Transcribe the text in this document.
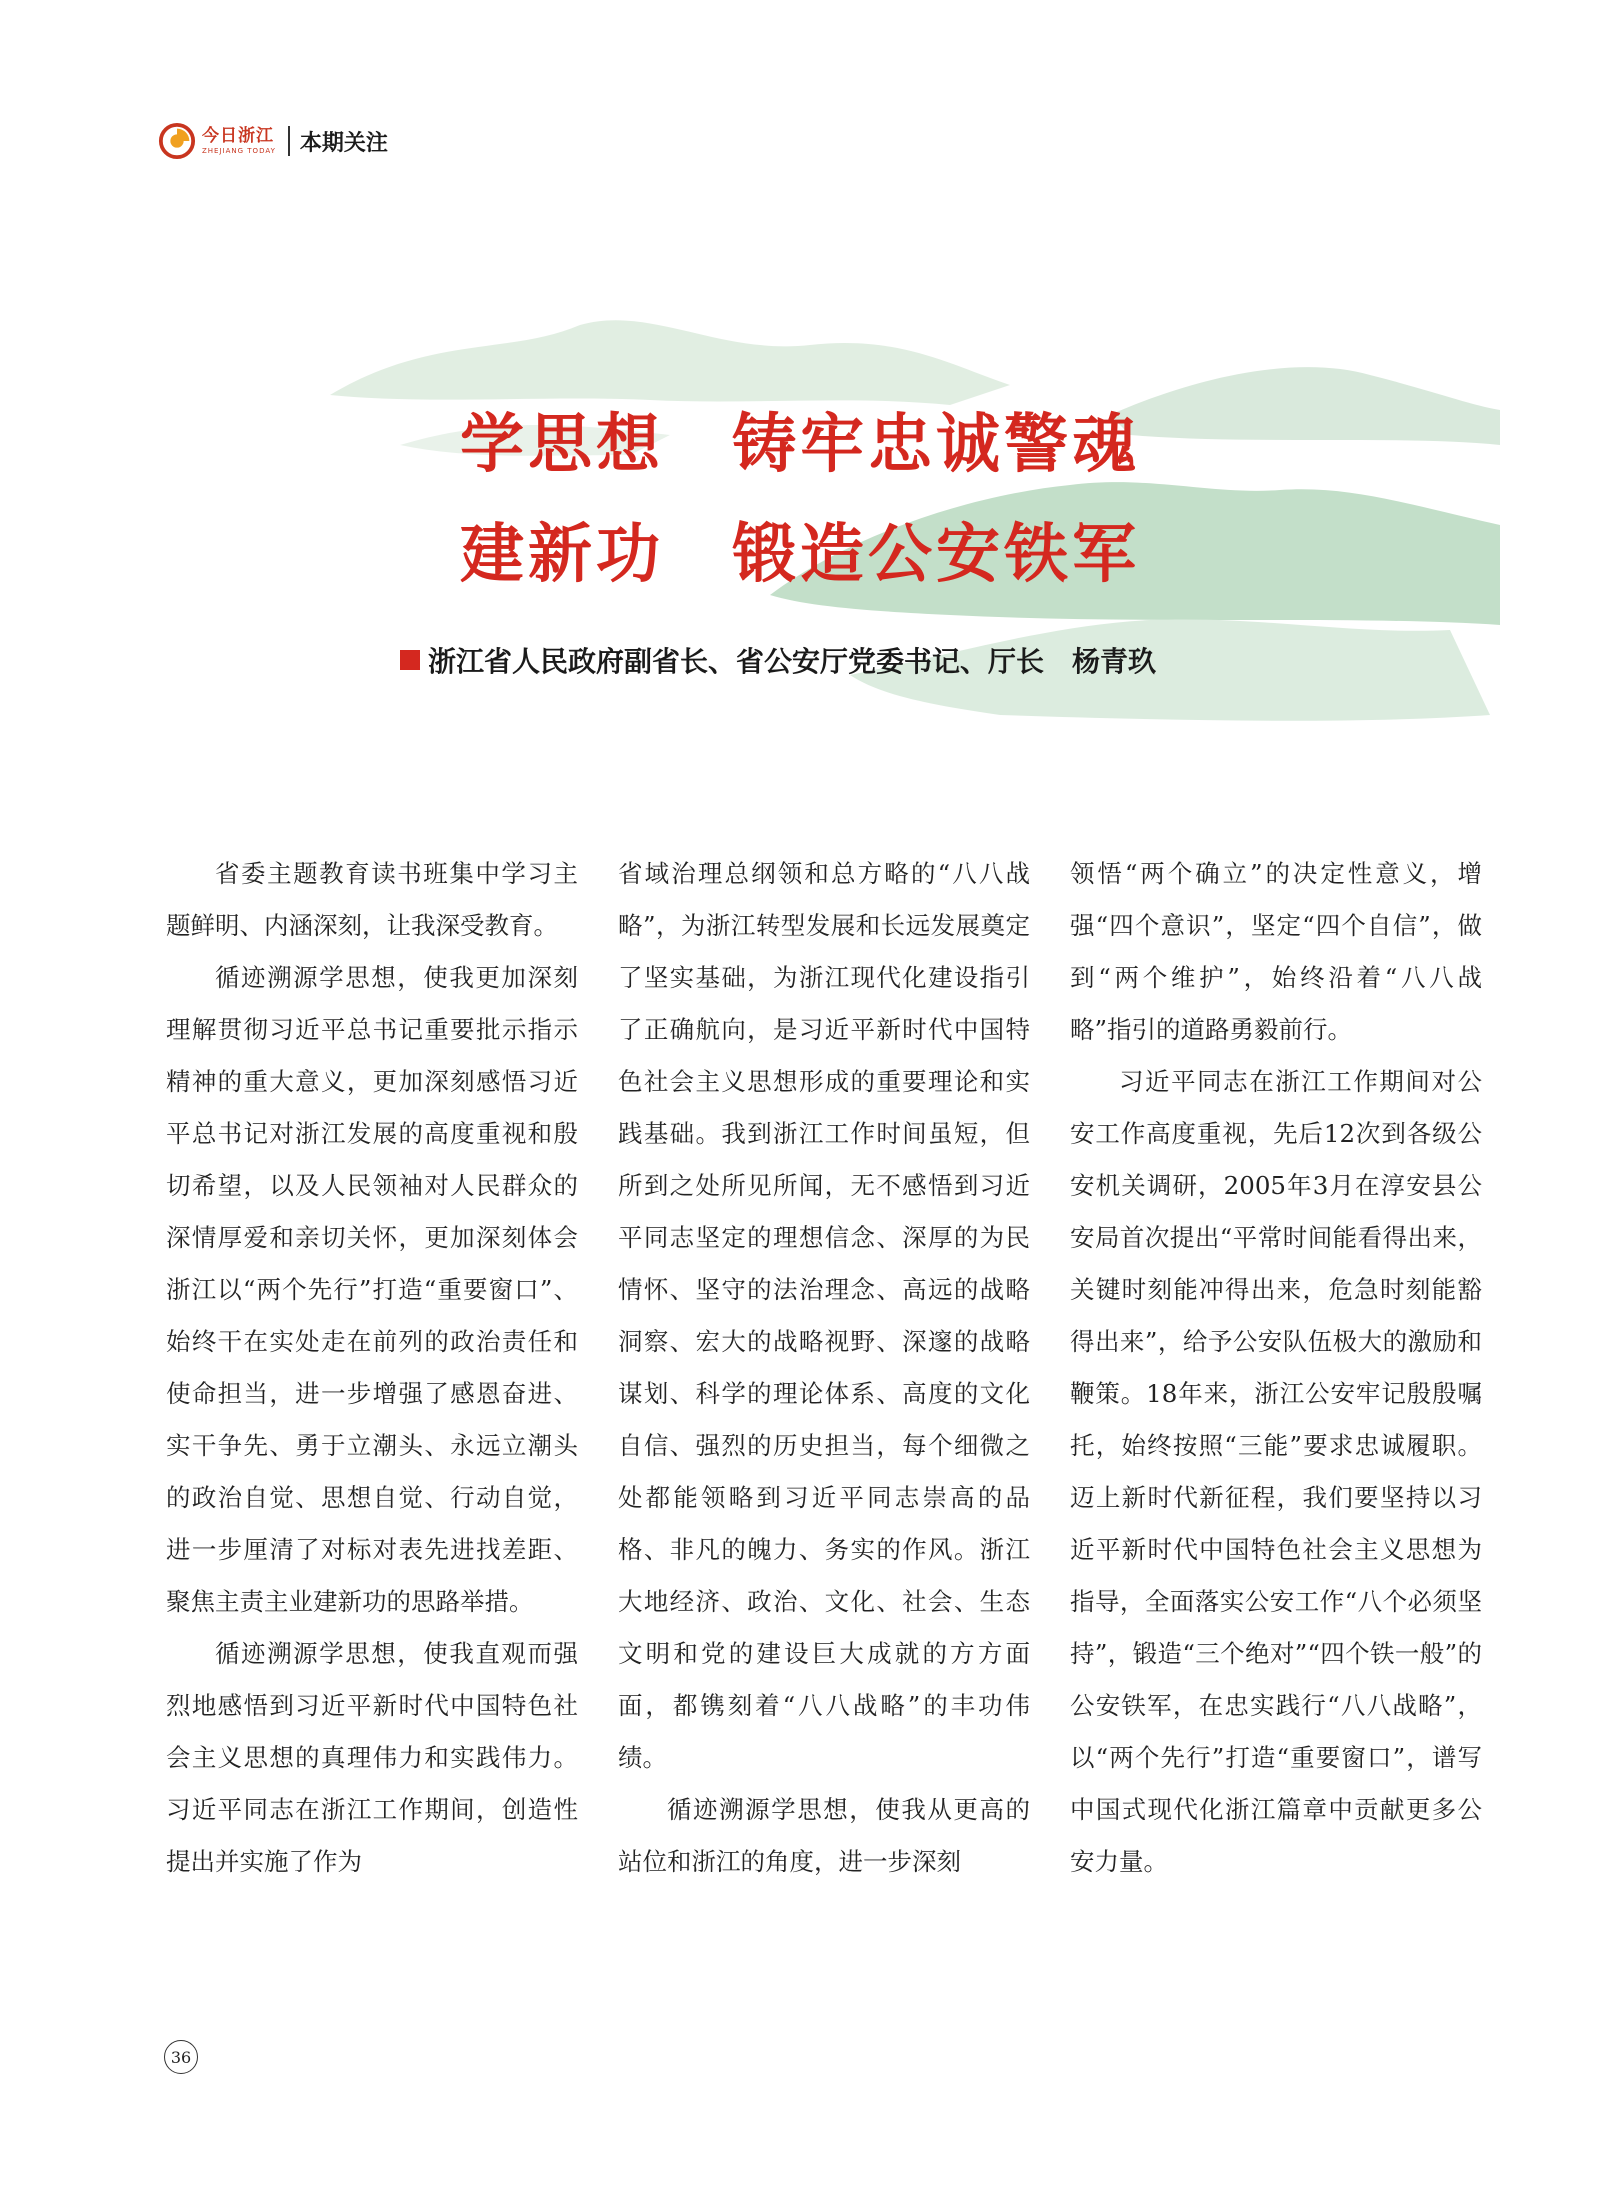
今日浙江
ZHEJIANG TODAY 本期关注
学思想　铸牢忠诚警魂
建新功　锻造公安铁军
浙江省人民政府副省长、省公安厅党委书记、厅长　杨青玖

省委主题教育读书班集中学习主题鲜明、内涵深刻，让我深受教育。

循迹溯源学思想，使我更加深刻理解贯彻习近平总书记重要批示指示精神的重大意义，更加深刻感悟习近平总书记对浙江发展的高度重视和殷切希望，以及人民领袖对人民群众的深情厚爱和亲切关怀，更加深刻体会浙江以“两个先行”打造“重要窗口”、始终干在实处走在前列的政治责任和使命担当，进一步增强了感恩奋进、实干争先、勇于立潮头、永远立潮头的政治自觉、思想自觉、行动自觉，进一步厘清了对标对表先进找差距、聚焦主责主业建新功的思路举措。

循迹溯源学思想，使我直观而强烈地感悟到习近平新时代中国特色社会主义思想的真理伟力和实践伟力。习近平同志在浙江工作期间，创造性提出并实施了作为

省域治理总纲领和总方略的“八八战略”，为浙江转型发展和长远发展奠定了坚实基础，为浙江现代化建设指引了正确航向，是习近平新时代中国特色社会主义思想形成的重要理论和实践基础。我到浙江工作时间虽短，但所到之处所见所闻，无不感悟到习近平同志坚定的理想信念、深厚的为民情怀、坚守的法治理念、高远的战略洞察、宏大的战略视野、深邃的战略谋划、科学的理论体系、高度的文化自信、强烈的历史担当，每个细微之处都能领略到习近平同志崇高的品格、非凡的魄力、务实的作风。浙江大地经济、政治、文化、社会、生态文明和党的建设巨大成就的方方面面，都镌刻着“八八战略”的丰功伟绩。

循迹溯源学思想，使我从更高的站位和浙江的角度，进一步深刻

领悟“两个确立”的决定性意义，增强“四个意识”，坚定“四个自信”，做到“两个维护”，始终沿着“八八战略”指引的道路勇毅前行。

习近平同志在浙江工作期间对公安工作高度重视，先后12次到各级公安机关调研，2005年3月在淳安县公安局首次提出“平常时间能看得出来，关键时刻能冲得出来，危急时刻能豁得出来”，给予公安队伍极大的激励和鞭策。18年来，浙江公安牢记殷殷嘱托，始终按照“三能”要求忠诚履职。迈上新时代新征程，我们要坚持以习近平新时代中国特色社会主义思想为指导，全面落实公安工作“八个必须坚持”，锻造“三个绝对”“四个铁一般”的公安铁军，在忠实践行“八八战略”，以“两个先行”打造“重要窗口”，谱写中国式现代化浙江篇章中贡献更多公安力量。

36
